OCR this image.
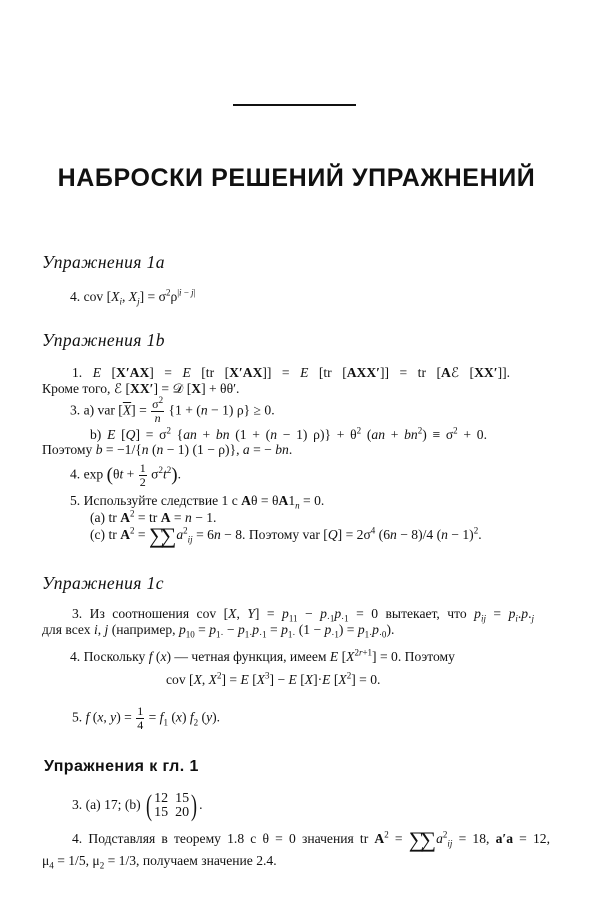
НАБРОСКИ РЕШЕНИЙ УПРАЖНЕНИЙ
Упражнения 1a
4. cov [$X_i$, $X_j] = \sigma^2\rho^{|i - j|}$
Упражнения 1b
1. E [X′AX] = E [tr [X′AX]] = E [tr [AXX′]] = tr [Aℰ [XX′]].
Кроме того, ℰ [XX′] = 𝒟 [X] + θθ′.
3. a) var $[\overline{X}] = \frac{\sigma^2}{n} \{1 + (n - 1) \rho\} \ge 0$.
b) E $[Q] = \sigma^2$ {an + bn (1 + (n − 1) $\rho)\} + \theta^2$ $(an + bn^2) \equiv \sigma^2 + 0$.
Поэтому b = −1/{n (n − 1) (1 − ρ)}, a = − bn.
4. $\exp (\theta t + \frac{1}{2} \sigma^2t^2)$.
5. Используйте следствие 1 с $A\theta = \theta A1_n = 0$.
(a) tr $A^2$ = tr A = n − 1.
(c) tr $A^2$ = ∑∑ $a^2_{ij} = 6n - 8$. Поэтому var $[Q] = 2\sigma^4$ (6n − 8)/4 $(n - 1)^2$.
Упражнения 1c
3. Из соотношения cov [X, $Y] = p_{11} - p_{\cdot 1}p_{\cdot 1} = 0$ вытекает, что $p_{ij} = p_i.p._j$
для всех i, j (например, $p_{10} = p_{1\cdot} - p_{1\cdot}p_{\cdot 1} = p_{1\cdot}$ $(1 - p_{\cdot 1}) = p_{1\cdot}p_{\cdot 0}$).
4. Поскольку f (x) — четная функция, имеем E $[X^{2r+1}] = 0$. Поэтому
cov [X, $X^2] = E$ $[X^3] - E$ [X]·E $[X^2] = 0$.
5. f (x, $y) = \frac{1}{4} = f_1$ (x) $f_2$ (y).
Упражнения к гл. 1
3. (a) 17; (b) ( 12  15
15  20) .
4. Подставляя в теорему 1.8 с θ = 0 значения tr $A^2$ = ∑∑ $a^2_{ij} = 18$, a′a = 12,
$\mu_4 = 1/5$, $\mu_2 = 1/3$, получаем значение 2.4.
